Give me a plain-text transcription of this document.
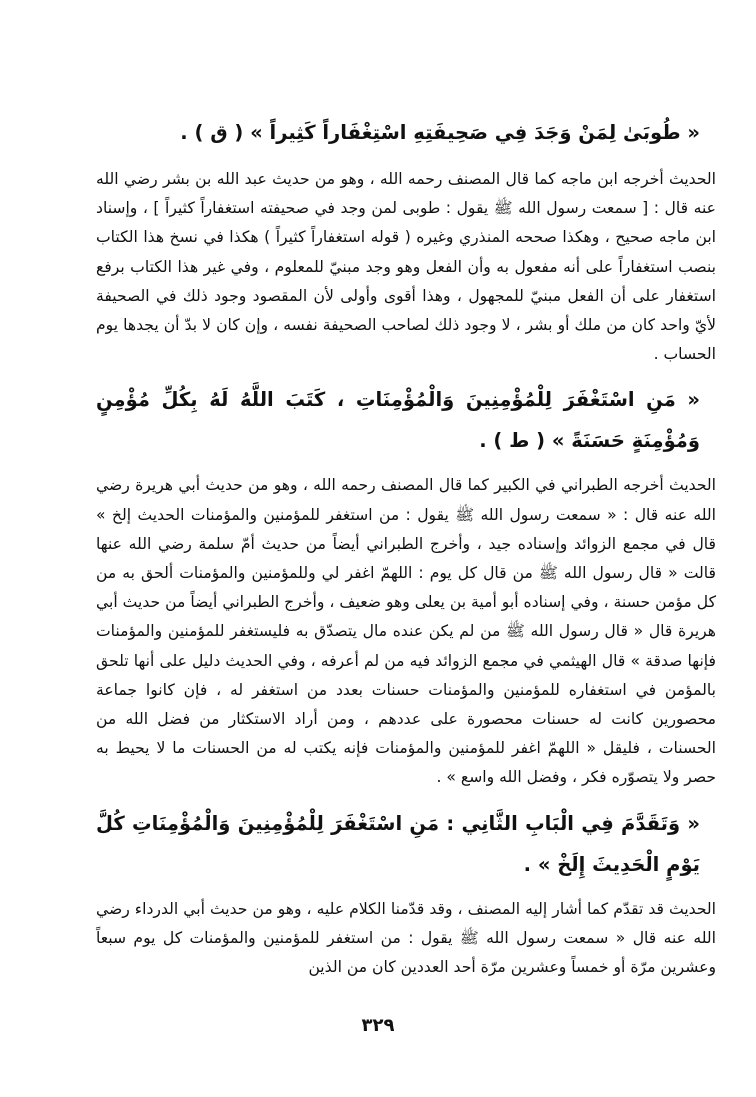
« طُوبَىٰ لِمَنْ وَجَدَ فِي صَحِيفَتِهِ اسْتِغْفَاراً كَثِيراً » ( ق ) .

الحديث أخرجه ابن ماجه كما قال المصنف رحمه الله ، وهو من حديث عبد الله بن بشر رضي الله عنه قال : [ سمعت رسول الله ﷺ يقول : طوبى لمن وجد في صحيفته استغفاراً كثيراً ] ، وإسناد ابن ماجه صحيح ، وهكذا صححه المنذري وغيره ( قوله استغفاراً كثيراً ) هكذا في نسخ هذا الكتاب بنصب استغفاراً على أنه مفعول به وأن الفعل وهو وجد مبنيّ للمعلوم ، وفي غير هذا الكتاب برفع استغفار على أن الفعل مبنيّ للمجهول ، وهذا أقوى وأولى لأن المقصود وجود ذلك في الصحيفة لأيّ واحد كان من ملك أو بشر ، لا وجود ذلك لصاحب الصحيفة نفسه ، وإن كان لا بدّ أن يجدها يوم الحساب .

« مَنِ اسْتَغْفَرَ لِلْمُؤْمِنِينَ وَالْمُؤْمِنَاتِ ، كَتَبَ اللَّهُ لَهُ بِكُلِّ مُؤْمِنٍ وَمُؤْمِنَةٍ حَسَنَةً » ( ط ) .

الحديث أخرجه الطبراني في الكبير كما قال المصنف رحمه الله ، وهو من حديث أبي هريرة رضي الله عنه قال : « سمعت رسول الله ﷺ يقول : من استغفر للمؤمنين والمؤمنات الحديث إلخ » قال في مجمع الزوائد وإسناده جيد ، وأخرج الطبراني أيضاً من حديث أمّ سلمة رضي الله عنها قالت « قال رسول الله ﷺ من قال كل يوم : اللهمّ اغفر لي وللمؤمنين والمؤمنات ألحق به من كل مؤمن حسنة ، وفي إسناده أبو أمية بن يعلى وهو ضعيف ، وأخرج الطبراني أيضاً من حديث أبي هريرة قال « قال رسول الله ﷺ من لم يكن عنده مال يتصدّق به فليستغفر للمؤمنين والمؤمنات فإنها صدقة » قال الهيثمي في مجمع الزوائد فيه من لم أعرفه ، وفي الحديث دليل على أنها تلحق بالمؤمن في استغفاره للمؤمنين والمؤمنات حسنات بعدد من استغفر له ، فإن كانوا جماعة محصورين كانت له حسنات محصورة على عددهم ، ومن أراد الاستكثار من فضل الله من الحسنات ، فليقل « اللهمّ اغفر للمؤمنين والمؤمنات فإنه يكتب له من الحسنات ما لا يحيط به حصر ولا يتصوّره فكر ، وفضل الله واسع » .

« وَتَقَدَّمَ فِي الْبَابِ الثَّانِي : مَنِ اسْتَغْفَرَ لِلْمُؤْمِنِينَ وَالْمُؤْمِنَاتِ كُلَّ يَوْمٍ الْحَدِيثَ إِلَخْ » .

الحديث قد تقدّم كما أشار إليه المصنف ، وقد قدّمنا الكلام عليه ، وهو من حديث أبي الدرداء رضي الله عنه قال « سمعت رسول الله ﷺ يقول : من استغفر للمؤمنين والمؤمنات كل يوم سبعاً وعشرين مرّة أو خمساً وعشرين مرّة أحد العددين كان من الذين

٣٢٩
